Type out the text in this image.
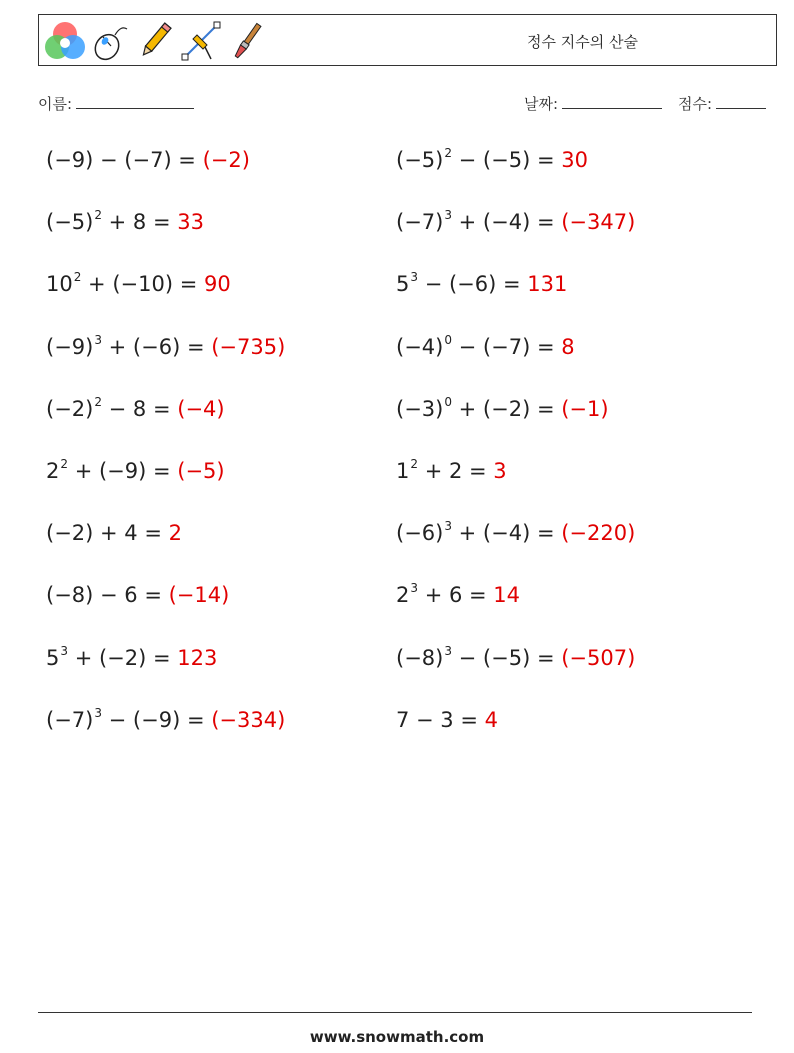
정수 지수의 산술
이름:	날짜:	점수:
(−9) − (−7) = (−2)
$(-5)^2 + 8 = 33$
$10^2 + (-10) = 90$
$(-9)^3 + (-6) = (-735)$
$(-2)^2 - 8 = (-4)$
$2^2 + (-9) = (-5)$
(−2) + 4 = 2
(−8) − 6 = (−14)
$5^3 + (-2) = 123$
$(-7)^3 - (-9) = (-334)$
$(-5)^2 - (-5) = 30$
$(-7)^3 + (-4) = (-347)$
$5^3 - (-6) = 131$
$(-4)^0 - (-7) = 8$
$(-3)^0 + (-2) = (-1)$
$1^2 + 2 = 3$
$(-6)^3 + (-4) = (-220)$
$2^3 + 6 = 14$
$(-8)^3 - (-5) = (-507)$
7 − 3 = 4
www.snowmath.com
